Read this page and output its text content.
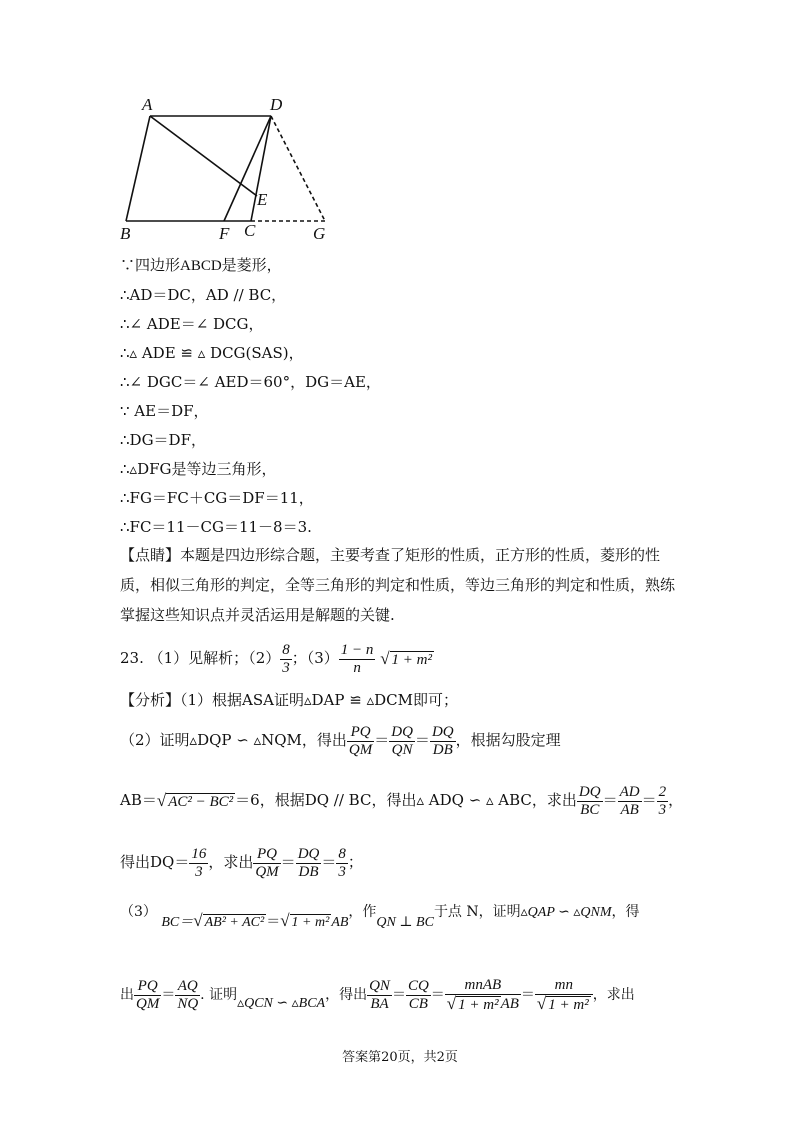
A	D
E
B	F C	G
∵四边形ABCD是菱形，
∴AD＝DC，AD // BC，
∴∠ ADE＝∠ DCG，
∴▵ ADE ≌ ▵ DCG(SAS)，
∴∠ DGC＝∠ AED＝60°，DG＝AE，
∵ AE＝DF，
∴DG＝DF，
∴▵DFG是等边三角形，
∴FG＝FC＋CG＝DF＝11，
∴FC＝11－CG＝11－8＝3.
【点睛】本题是四边形综合题，主要考查了矩形的性质，正方形的性质，菱形的性质，相似三角形的判定，全等三角形的判定和性质，等边三角形的判定和性质，熟练掌握这些知识点并灵活运用是解题的关键.
23. （1）见解析；$(2) \frac{8}{3}$ ；$(3) \frac{1 - n}{n}$ √ 1 + m²
【分析】（1）根据ASA证明▵DAP ≌ ▵DCM即可；
（2）证明▵DQP ∽ ▵NQM，得出 $\frac{PQ}{QM} = \frac{DQ}{QN} = \frac{DQ}{DB}$ ，根据勾股定理
AB＝√ AC² − BC² ＝6，根据DQ // BC，得出▵ ADQ ∽ ▵ ABC，求出 $\frac{DQ}{BC} = \frac{AD}{AB} = \frac{2}{3}$ ，
得出$DQ= \frac{16}{3}$ ，求出 $\frac{PQ}{QM} = \frac{DQ}{DB} = \frac{8}{3}$ ；
（3） BC＝√ AB² + AC² ＝√ 1 + m² AB，作QN ⊥ BC于点 N，证明▵QAP ∽ ▵QNM，得
出 $\frac{PQ}{QM} = \frac{AQ}{NQ}$ . 证明▵QCN ∽ ▵BCA，得出 $\frac{QN}{BA} = \frac{CQ}{CB} = \frac{\text{mnAB}}{\text{√ 1 + m² AB}} = \frac{mn}{\text{√ 1 + m²}}$ ，求出
答案第20页，共2页
